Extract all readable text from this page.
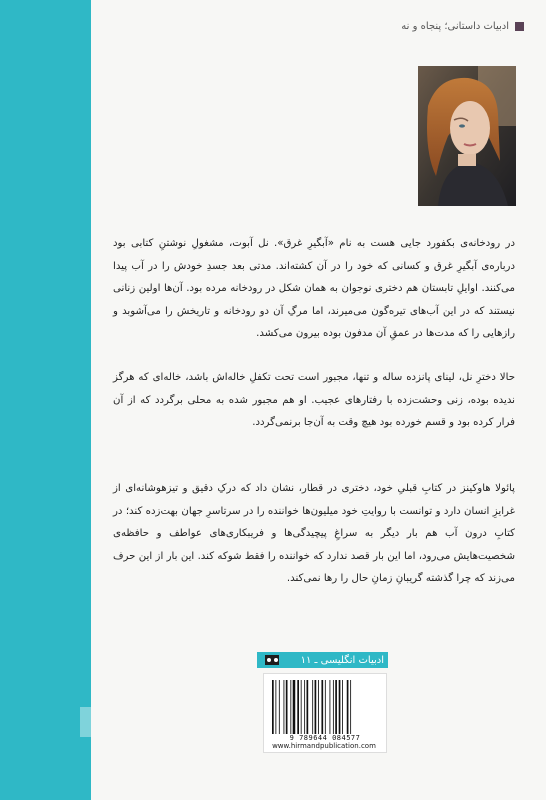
ادبیات داستانی؛ پنجاه و نه
در رودخانه‌ی بکفورد جایی هست به نام «آبگیرِ غرق». نل آبوت، مشغولِ نوشتنِ کتابی بود درباره‌ی آبگیرِ غرق و کسانی که خود را در آن کشته‌اند. مدتی بعد جسدِ خودش را در آب پیدا می‌کنند. اوایلِ تابستان هم دختری نوجوان به همان شکل در رودخانه مرده بود. آن‌ها اولین زنانی نیستند که در این آب‌های تیره‌گون می‌میرند، اما مرگِ آن دو رودخانه و تاریخش را می‌آشوبد و رازهایی را که مدت‌ها در عمقِ آن مدفون بوده بیرون می‌کشد.
حالا دخترِ نل، لینای پانزده ساله و تنها، مجبور است تحت تکفلِ خاله‌اش باشد، خاله‌ای که هرگز ندیده بوده، زنی وحشت‌زده با رفتارهای عجیب. او هم مجبور شده به محلی برگردد که از آن فرار کرده بود و قسم خورده بود هیچ وقت به آن‌جا برنمی‌گردد.
پائولا هاوکینز در کتابِ قبلیِ خود، دختری در قطار، نشان داد که درکِ دقیق و تیزهوشانه‌ای از غرایزِ انسان دارد و توانست با روایتِ خود میلیون‌ها خواننده را در سرتاسرِ جهان بهت‌زده کند؛ در کتابِ درون آب هم بار دیگر به سراغِ پیچیدگی‌ها و فریبکاری‌های عواطف و حافظه‌ی شخصیت‌هایش می‌رود، اما این بار قصد ندارد که خواننده را فقط شوکه کند. این بار از این حرف می‌زند که چرا گذشته گریبانِ زمانِ حال را رها نمی‌کند.
ادبیات انگلیسی ـ ۱۱
9 789644 084577
www.hirmandpublication.com
